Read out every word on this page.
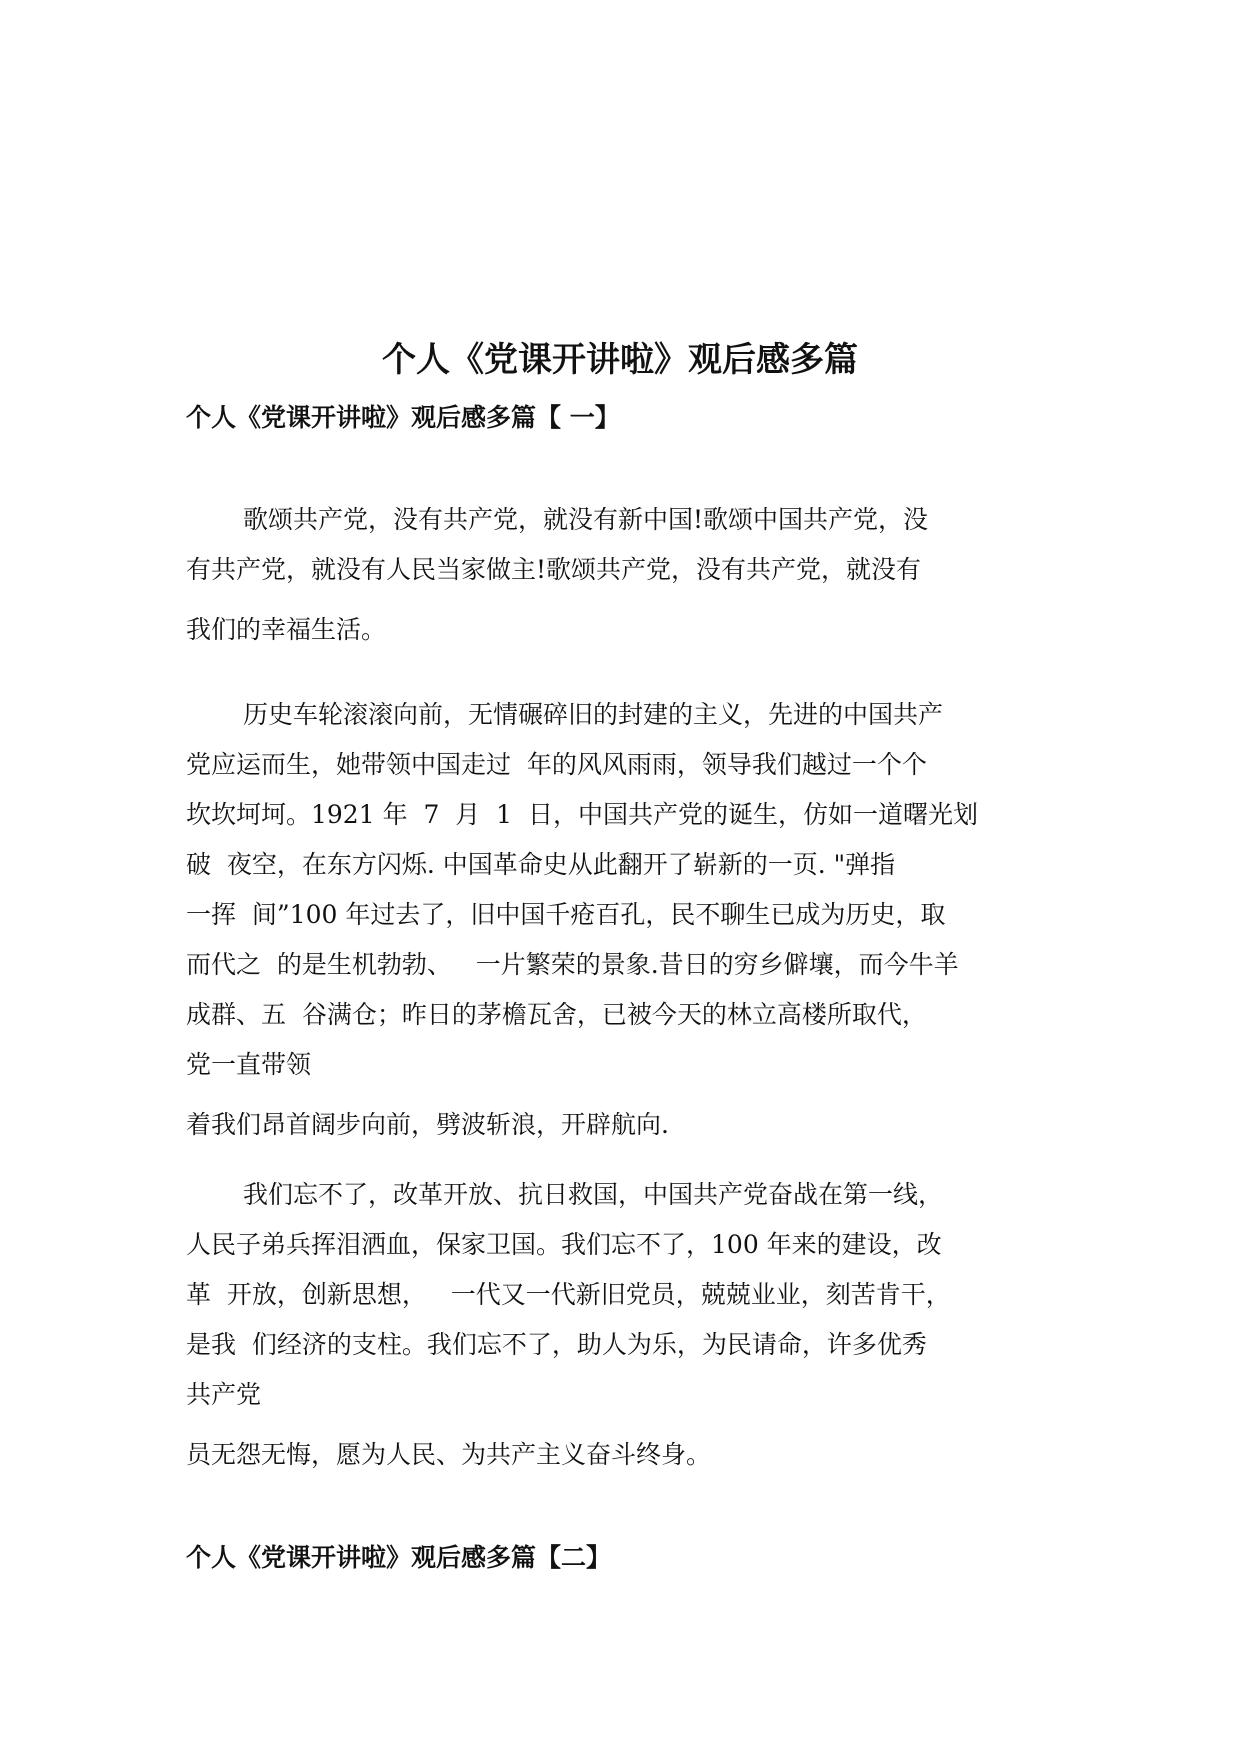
个人《党课开讲啦》观后感多篇
个人《党课开讲啦》观后感多篇【 一】
歌颂共产党，没有共产党，就没有新中国!歌颂中国共产党，没
有共产党，就没有人民当家做主!歌颂共产党，没有共产党，就没有
我们的幸福生活。
历史车轮滚滚向前，无情碾碎旧的封建的主义，先进的中国共产
党应运而生，她带领中国走过  年的风风雨雨，领导我们越过一个个
坎坎坷坷。1921 年  7  月  1  日，中国共产党的诞生，仿如一道曙光划
破  夜空，在东方闪烁. 中国革命史从此翻开了崭新的一页. "弹指
一挥  间”100 年过去了，旧中国千疮百孔，民不聊生已成为历史，取
而代之  的是生机勃勃、   一片繁荣的景象.昔日的穷乡僻壤，而今牛羊
成群、五  谷满仓；昨日的茅檐瓦舍，已被今天的林立高楼所取代，
党一直带领
着我们昂首阔步向前，劈波斩浪，开辟航向.
我们忘不了，改革开放、抗日救国，中国共产党奋战在第一线，
人民子弟兵挥泪洒血，保家卫国。我们忘不了，100 年来的建设，改
革  开放，创新思想，   一代又一代新旧党员，兢兢业业，刻苦肯干，
是我  们经济的支柱。我们忘不了，助人为乐，为民请命，许多优秀
共产党
员无怨无悔，愿为人民、为共产主义奋斗终身。
个人《党课开讲啦》观后感多篇【二】
